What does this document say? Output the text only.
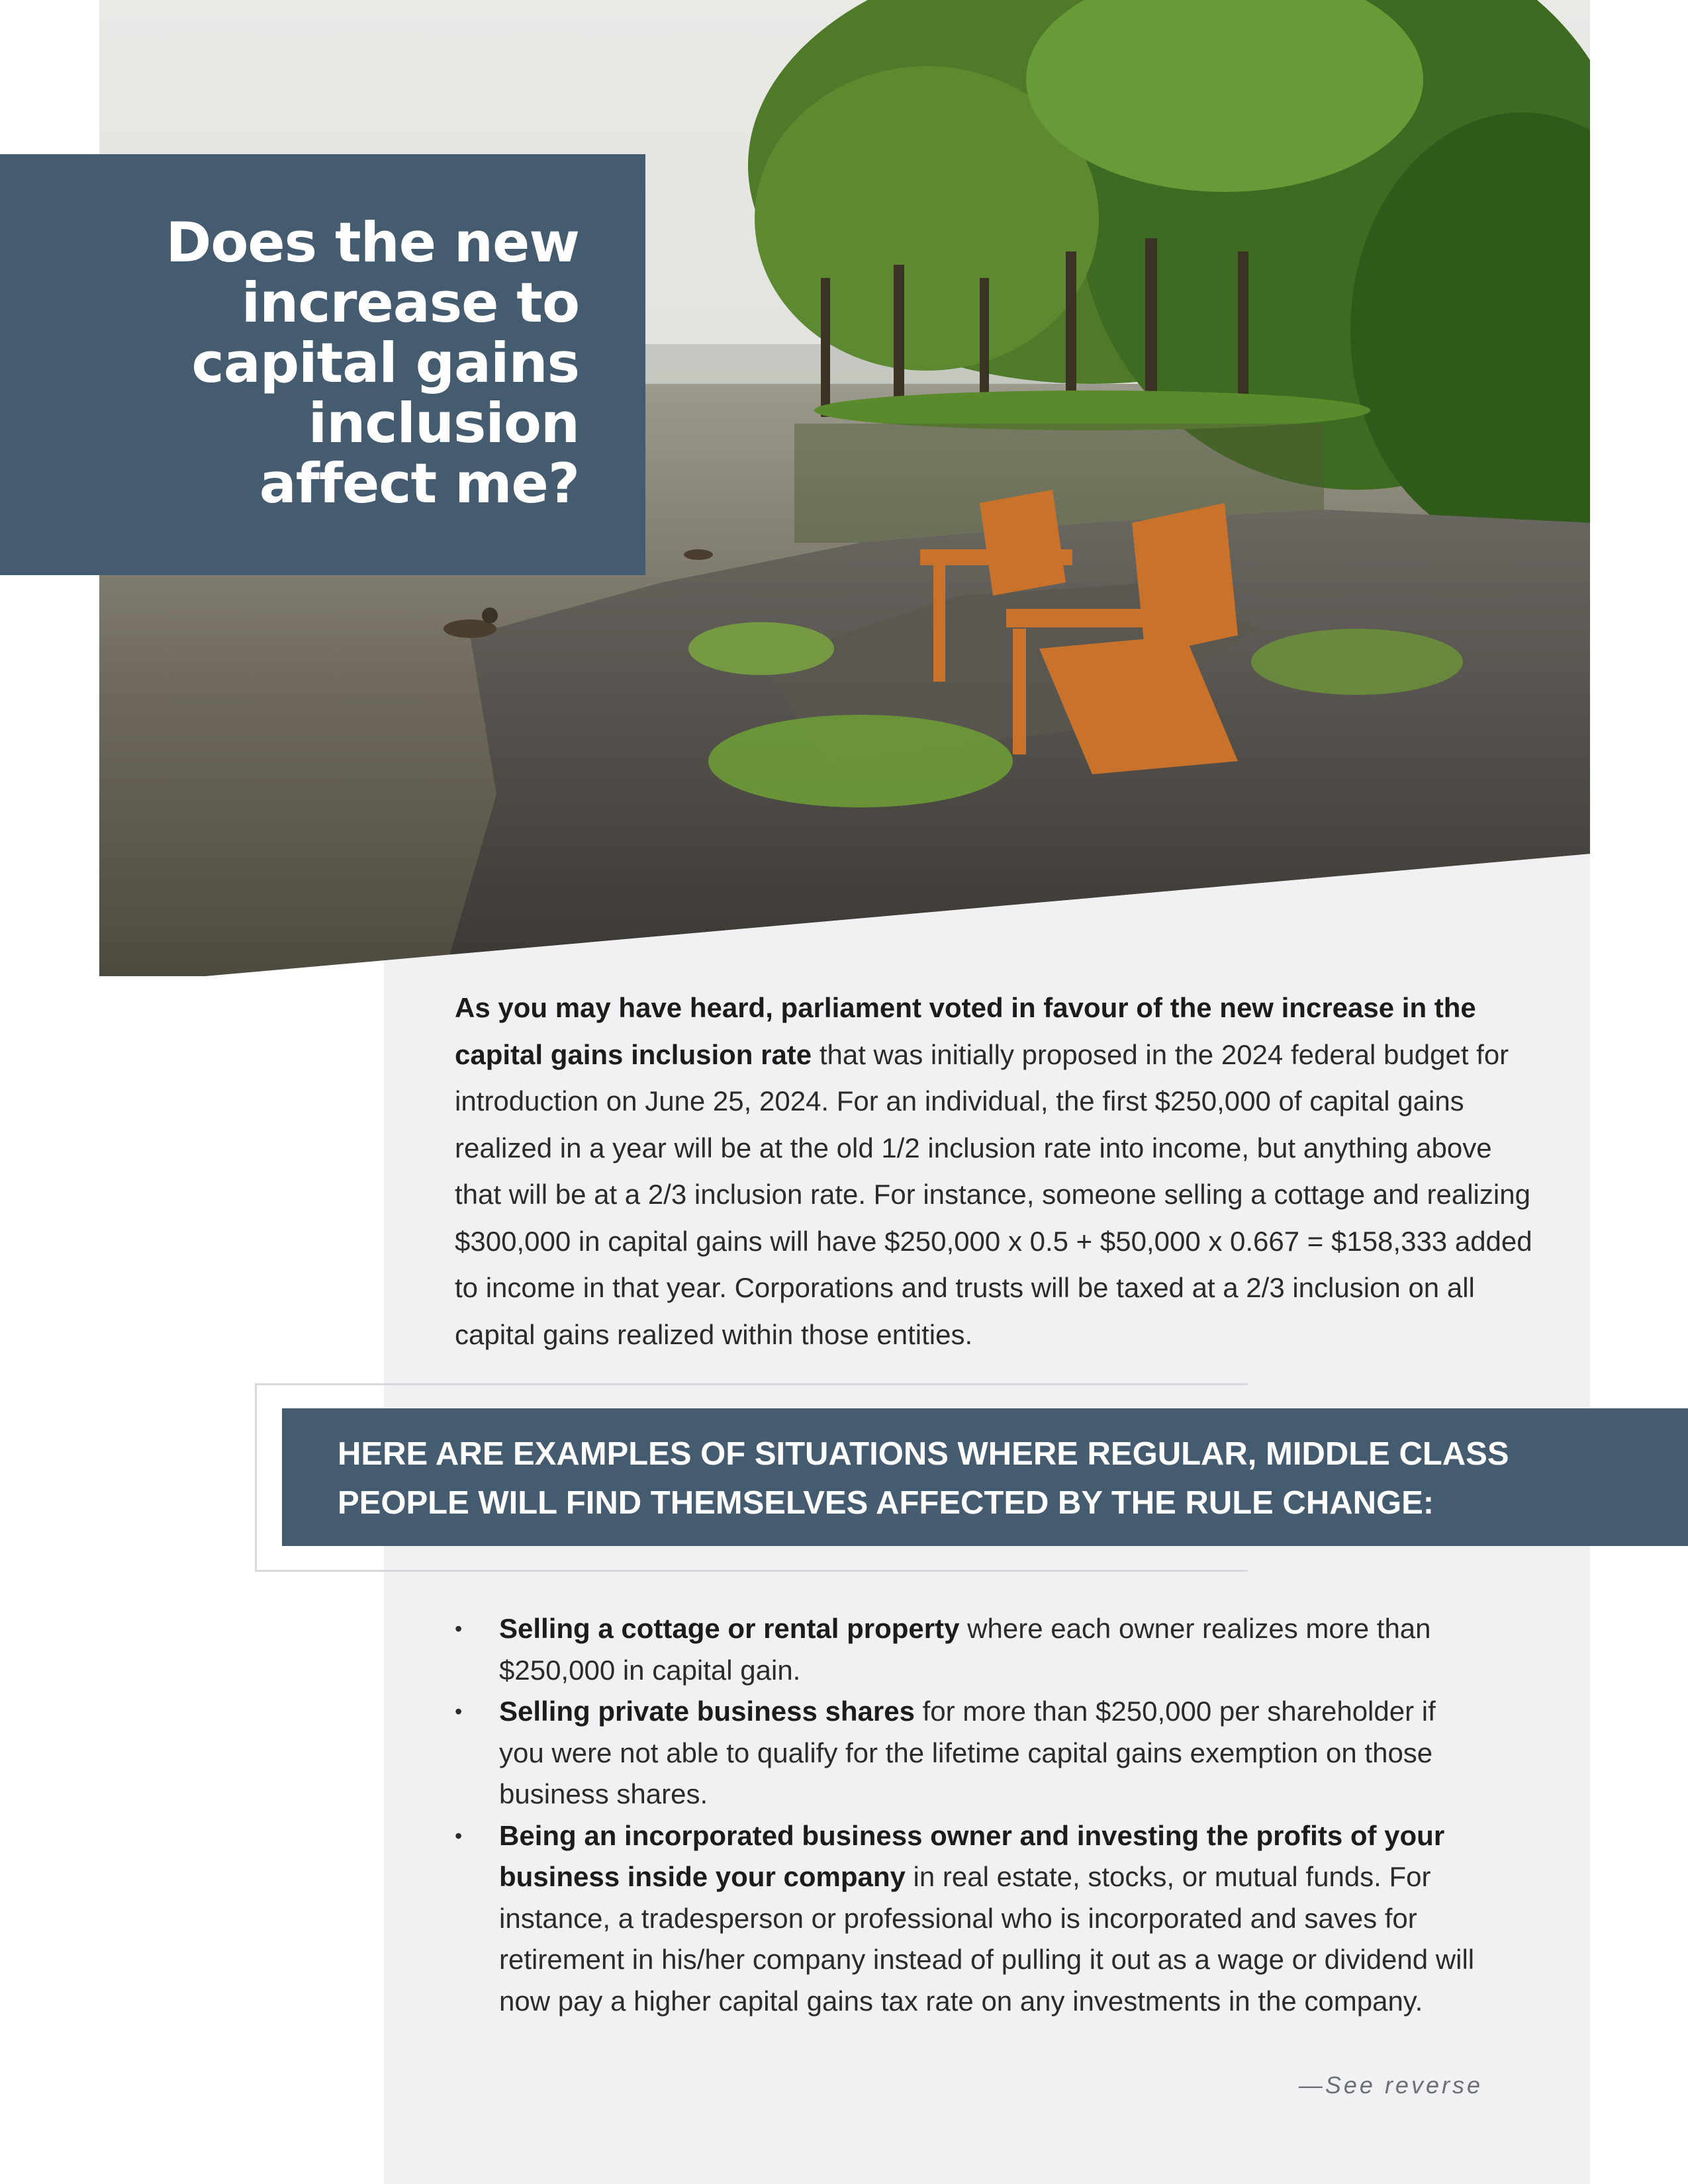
Does the new
increase to
capital gains
inclusion
affect me?

As you may have heard, parliament voted in favour of the new increase in the capital gains inclusion rate that was initially proposed in the 2024 federal budget for introduction on June 25, 2024. For an individual, the first $250,000 of capital gains realized in a year will be at the old 1/2 inclusion rate into income, but anything above that will be at a 2/3 inclusion rate. For instance, someone selling a cottage and realizing $300,000 in capital gains will have $250,000 x 0.5 + $50,000 x 0.667 = $158,333 added to income in that year. Corporations and trusts will be taxed at a 2/3 inclusion on all capital gains realized within those entities.

HERE ARE EXAMPLES OF SITUATIONS WHERE REGULAR, MIDDLE CLASS PEOPLE WILL FIND THEMSELVES AFFECTED BY THE RULE CHANGE:

• Selling a cottage or rental property where each owner realizes more than $250,000 in capital gain.
• Selling private business shares for more than $250,000 per shareholder if you were not able to qualify for the lifetime capital gains exemption on those business shares.
• Being an incorporated business owner and investing the profits of your business inside your company in real estate, stocks, or mutual funds. For instance, a tradesperson or professional who is incorporated and saves for retirement in his/her company instead of pulling it out as a wage or dividend will now pay a higher capital gains tax rate on any investments in the company.

—See reverse
